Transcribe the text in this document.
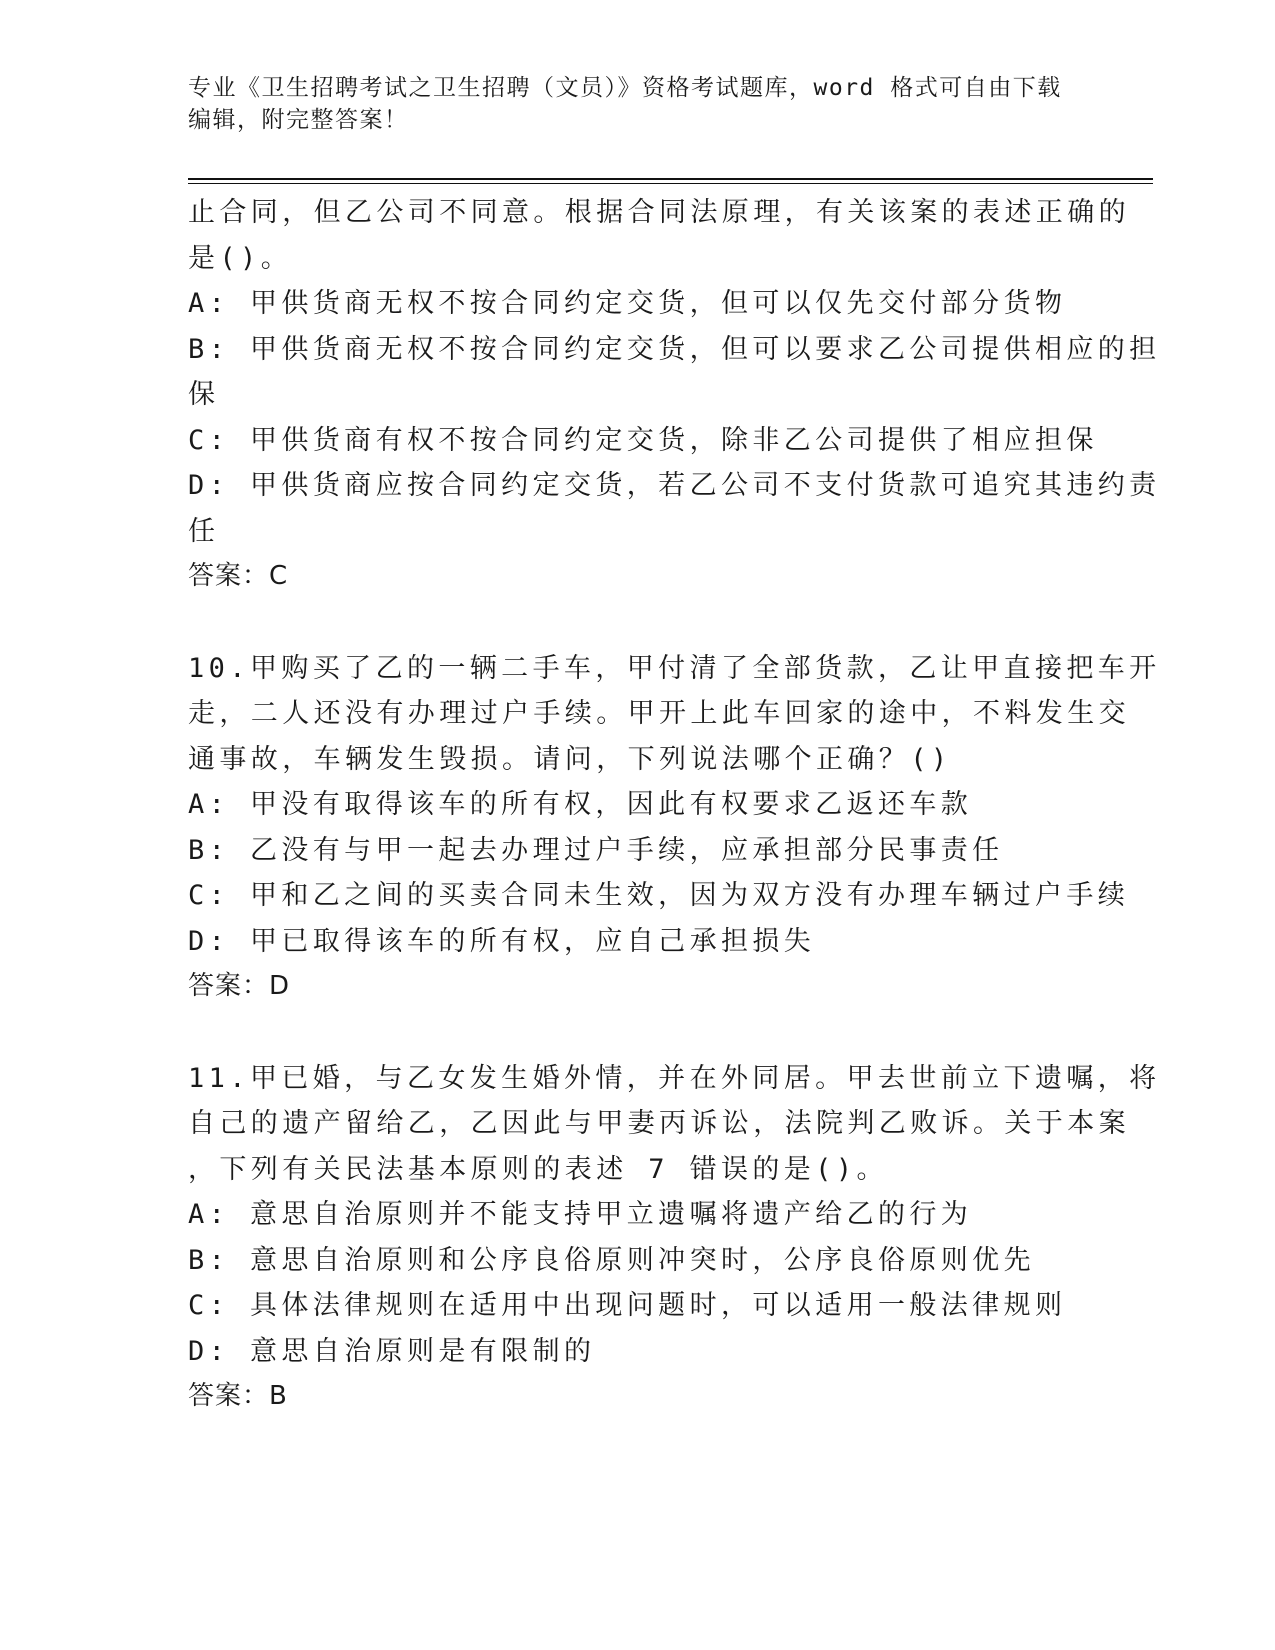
专业《卫生招聘考试之卫生招聘（文员）》资格考试题库，word 格式可自由下载
编辑，附完整答案！
止合同，但乙公司不同意。根据合同法原理，有关该案的表述正确的
是()。
A: 甲供货商无权不按合同约定交货，但可以仅先交付部分货物
B: 甲供货商无权不按合同约定交货，但可以要求乙公司提供相应的担
保
C: 甲供货商有权不按合同约定交货，除非乙公司提供了相应担保
D: 甲供货商应按合同约定交货，若乙公司不支付货款可追究其违约责
任
答案：C
10.甲购买了乙的一辆二手车，甲付清了全部货款，乙让甲直接把车开
走，二人还没有办理过户手续。甲开上此车回家的途中，不料发生交
通事故，车辆发生毁损。请问，下列说法哪个正确？()
A: 甲没有取得该车的所有权，因此有权要求乙返还车款
B: 乙没有与甲一起去办理过户手续，应承担部分民事责任
C: 甲和乙之间的买卖合同未生效，因为双方没有办理车辆过户手续
D: 甲已取得该车的所有权，应自己承担损失
答案：D
11.甲已婚，与乙女发生婚外情，并在外同居。甲去世前立下遗嘱，将
自己的遗产留给乙，乙因此与甲妻丙诉讼，法院判乙败诉。关于本案
，下列有关民法基本原则的表述 7 错误的是()。
A: 意思自治原则并不能支持甲立遗嘱将遗产给乙的行为
B: 意思自治原则和公序良俗原则冲突时，公序良俗原则优先
C: 具体法律规则在适用中出现问题时，可以适用一般法律规则
D: 意思自治原则是有限制的
答案：B
